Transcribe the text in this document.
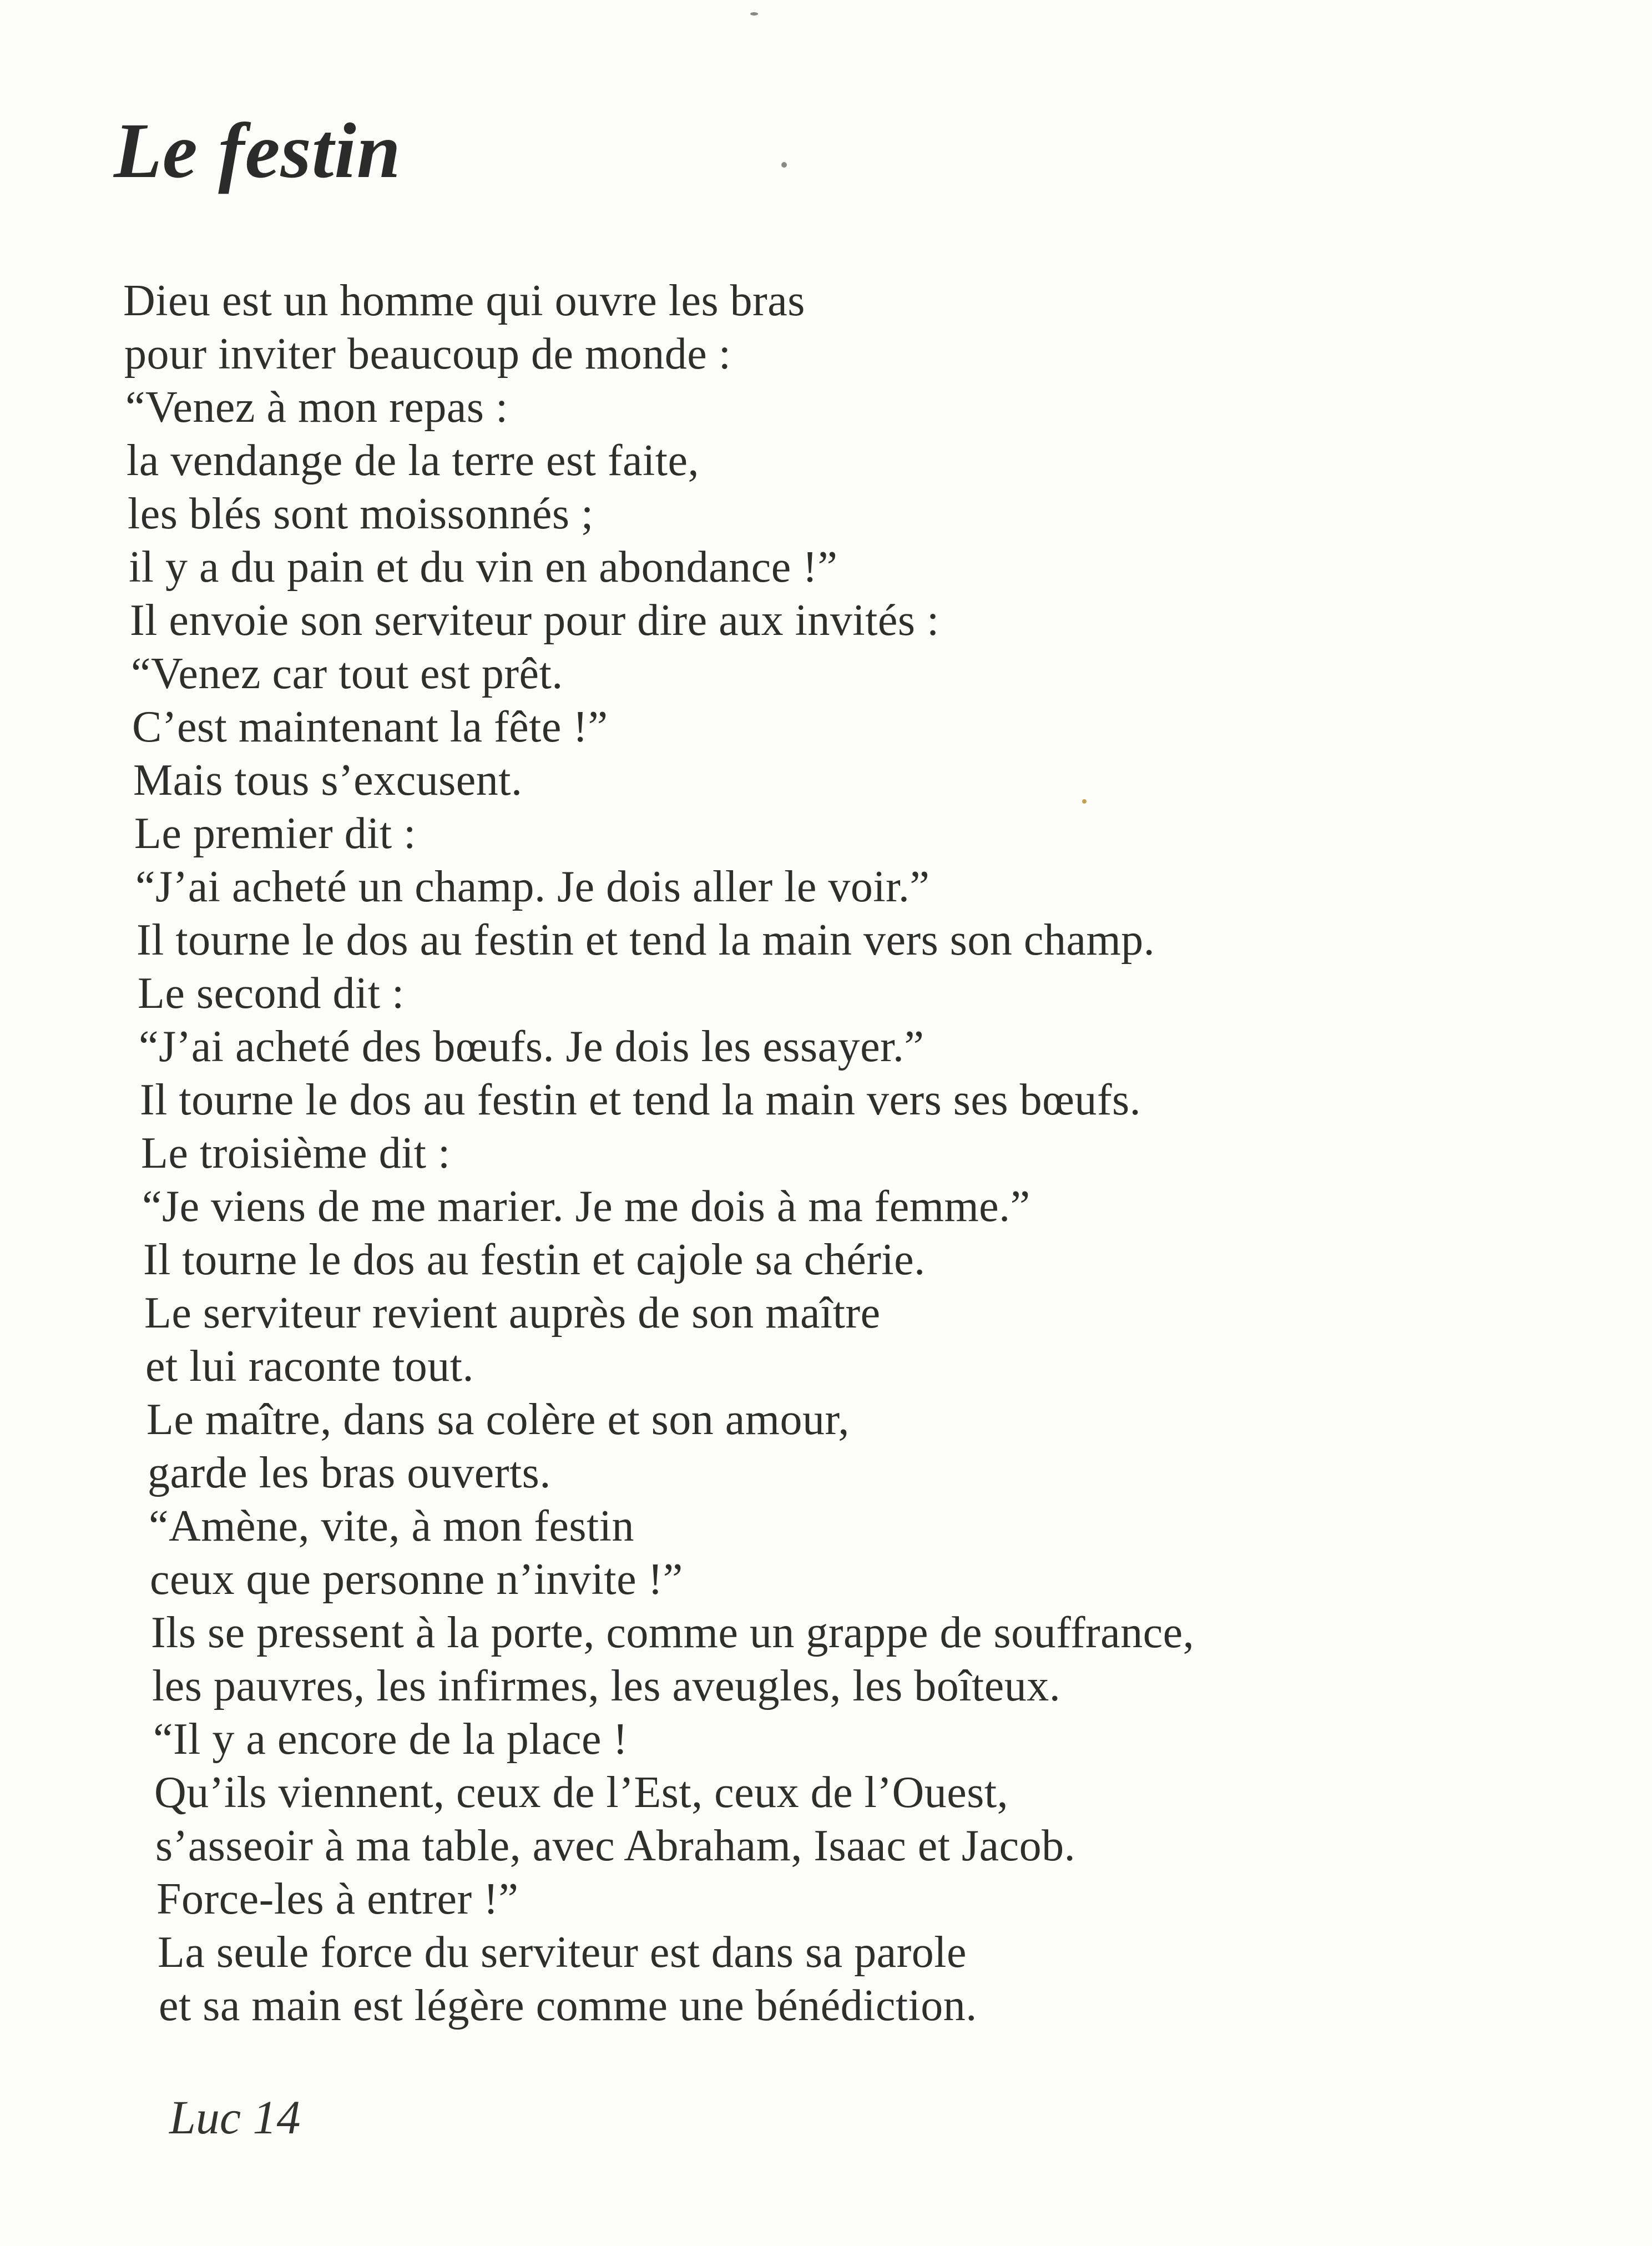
Le festin
Dieu est un homme qui ouvre les bras
pour inviter beaucoup de monde :
“Venez à mon repas :
la vendange de la terre est faite,
les blés sont moissonnés ;
il y a du pain et du vin en abondance !”
Il envoie son serviteur pour dire aux invités :
“Venez car tout est prêt.
C’est maintenant la fête !”
Mais tous s’excusent.
Le premier dit :
“J’ai acheté un champ. Je dois aller le voir.”
Il tourne le dos au festin et tend la main vers son champ.
Le second dit :
“J’ai acheté des bœufs. Je dois les essayer.”
Il tourne le dos au festin et tend la main vers ses bœufs.
Le troisième dit :
“Je viens de me marier. Je me dois à ma femme.”
Il tourne le dos au festin et cajole sa chérie.
Le serviteur revient auprès de son maître
et lui raconte tout.
Le maître, dans sa colère et son amour,
garde les bras ouverts.
“Amène, vite, à mon festin
ceux que personne n’invite !”
Ils se pressent à la porte, comme un grappe de souffrance,
les pauvres, les infirmes, les aveugles, les boîteux.
“Il y a encore de la place !
Qu’ils viennent, ceux de l’Est, ceux de l’Ouest,
s’asseoir à ma table, avec Abraham, Isaac et Jacob.
Force-les à entrer !”
La seule force du serviteur est dans sa parole
et sa main est légère comme une bénédiction.

Luc 14
